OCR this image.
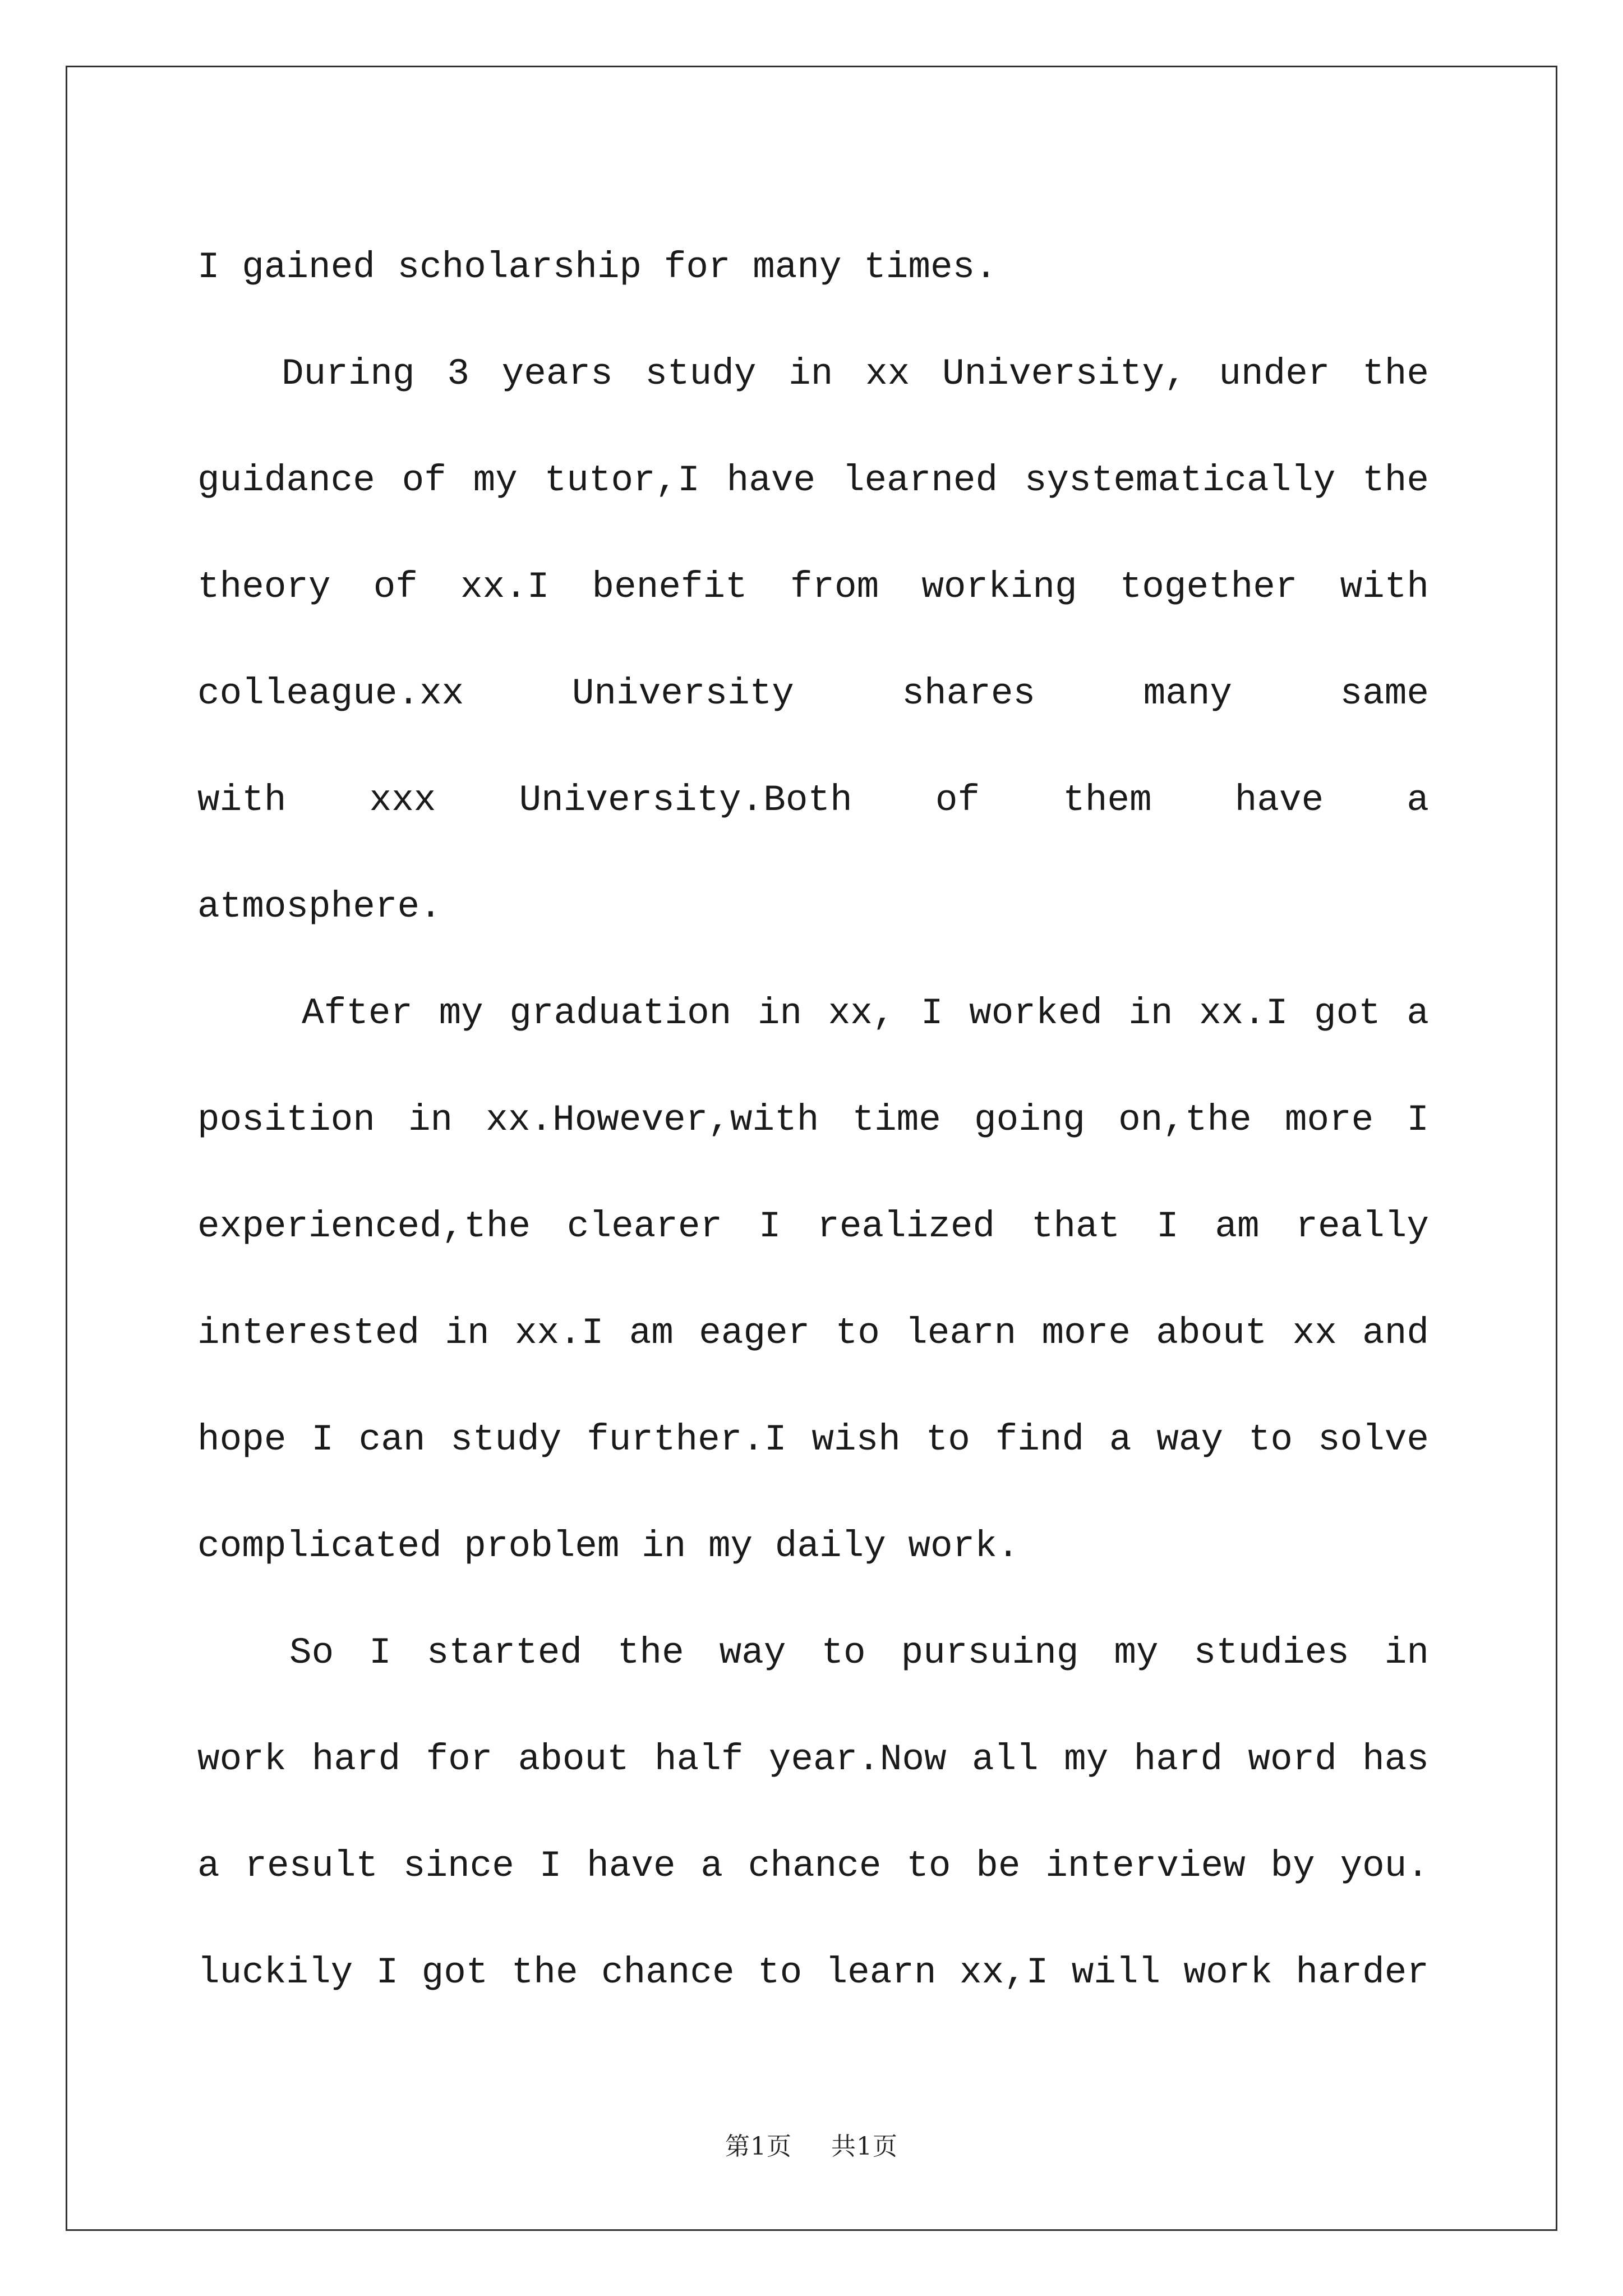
I gained scholarship for many times.
During 3 years study in xx University, under the
guidance of my tutor,I have learned systematically the
theory of xx.I benefit from working together with
colleague.xx University shares many same
with xxx University.Both of them have a
atmosphere.
After my graduation in xx, I worked in xx.I got a
position in xx.However,with time going on,the more I
experienced,the clearer I realized that I am really
interested in xx.I am eager to learn more about xx and
hope I can study further.I wish to find a way to solve
complicated problem in my daily work.
So I started the way to pursuing my studies in
work hard for about half year.Now all my hard word has
a result since I have a chance to be interview by you.
luckily I got the chance to learn xx,I will work harder
第1页 共1页
